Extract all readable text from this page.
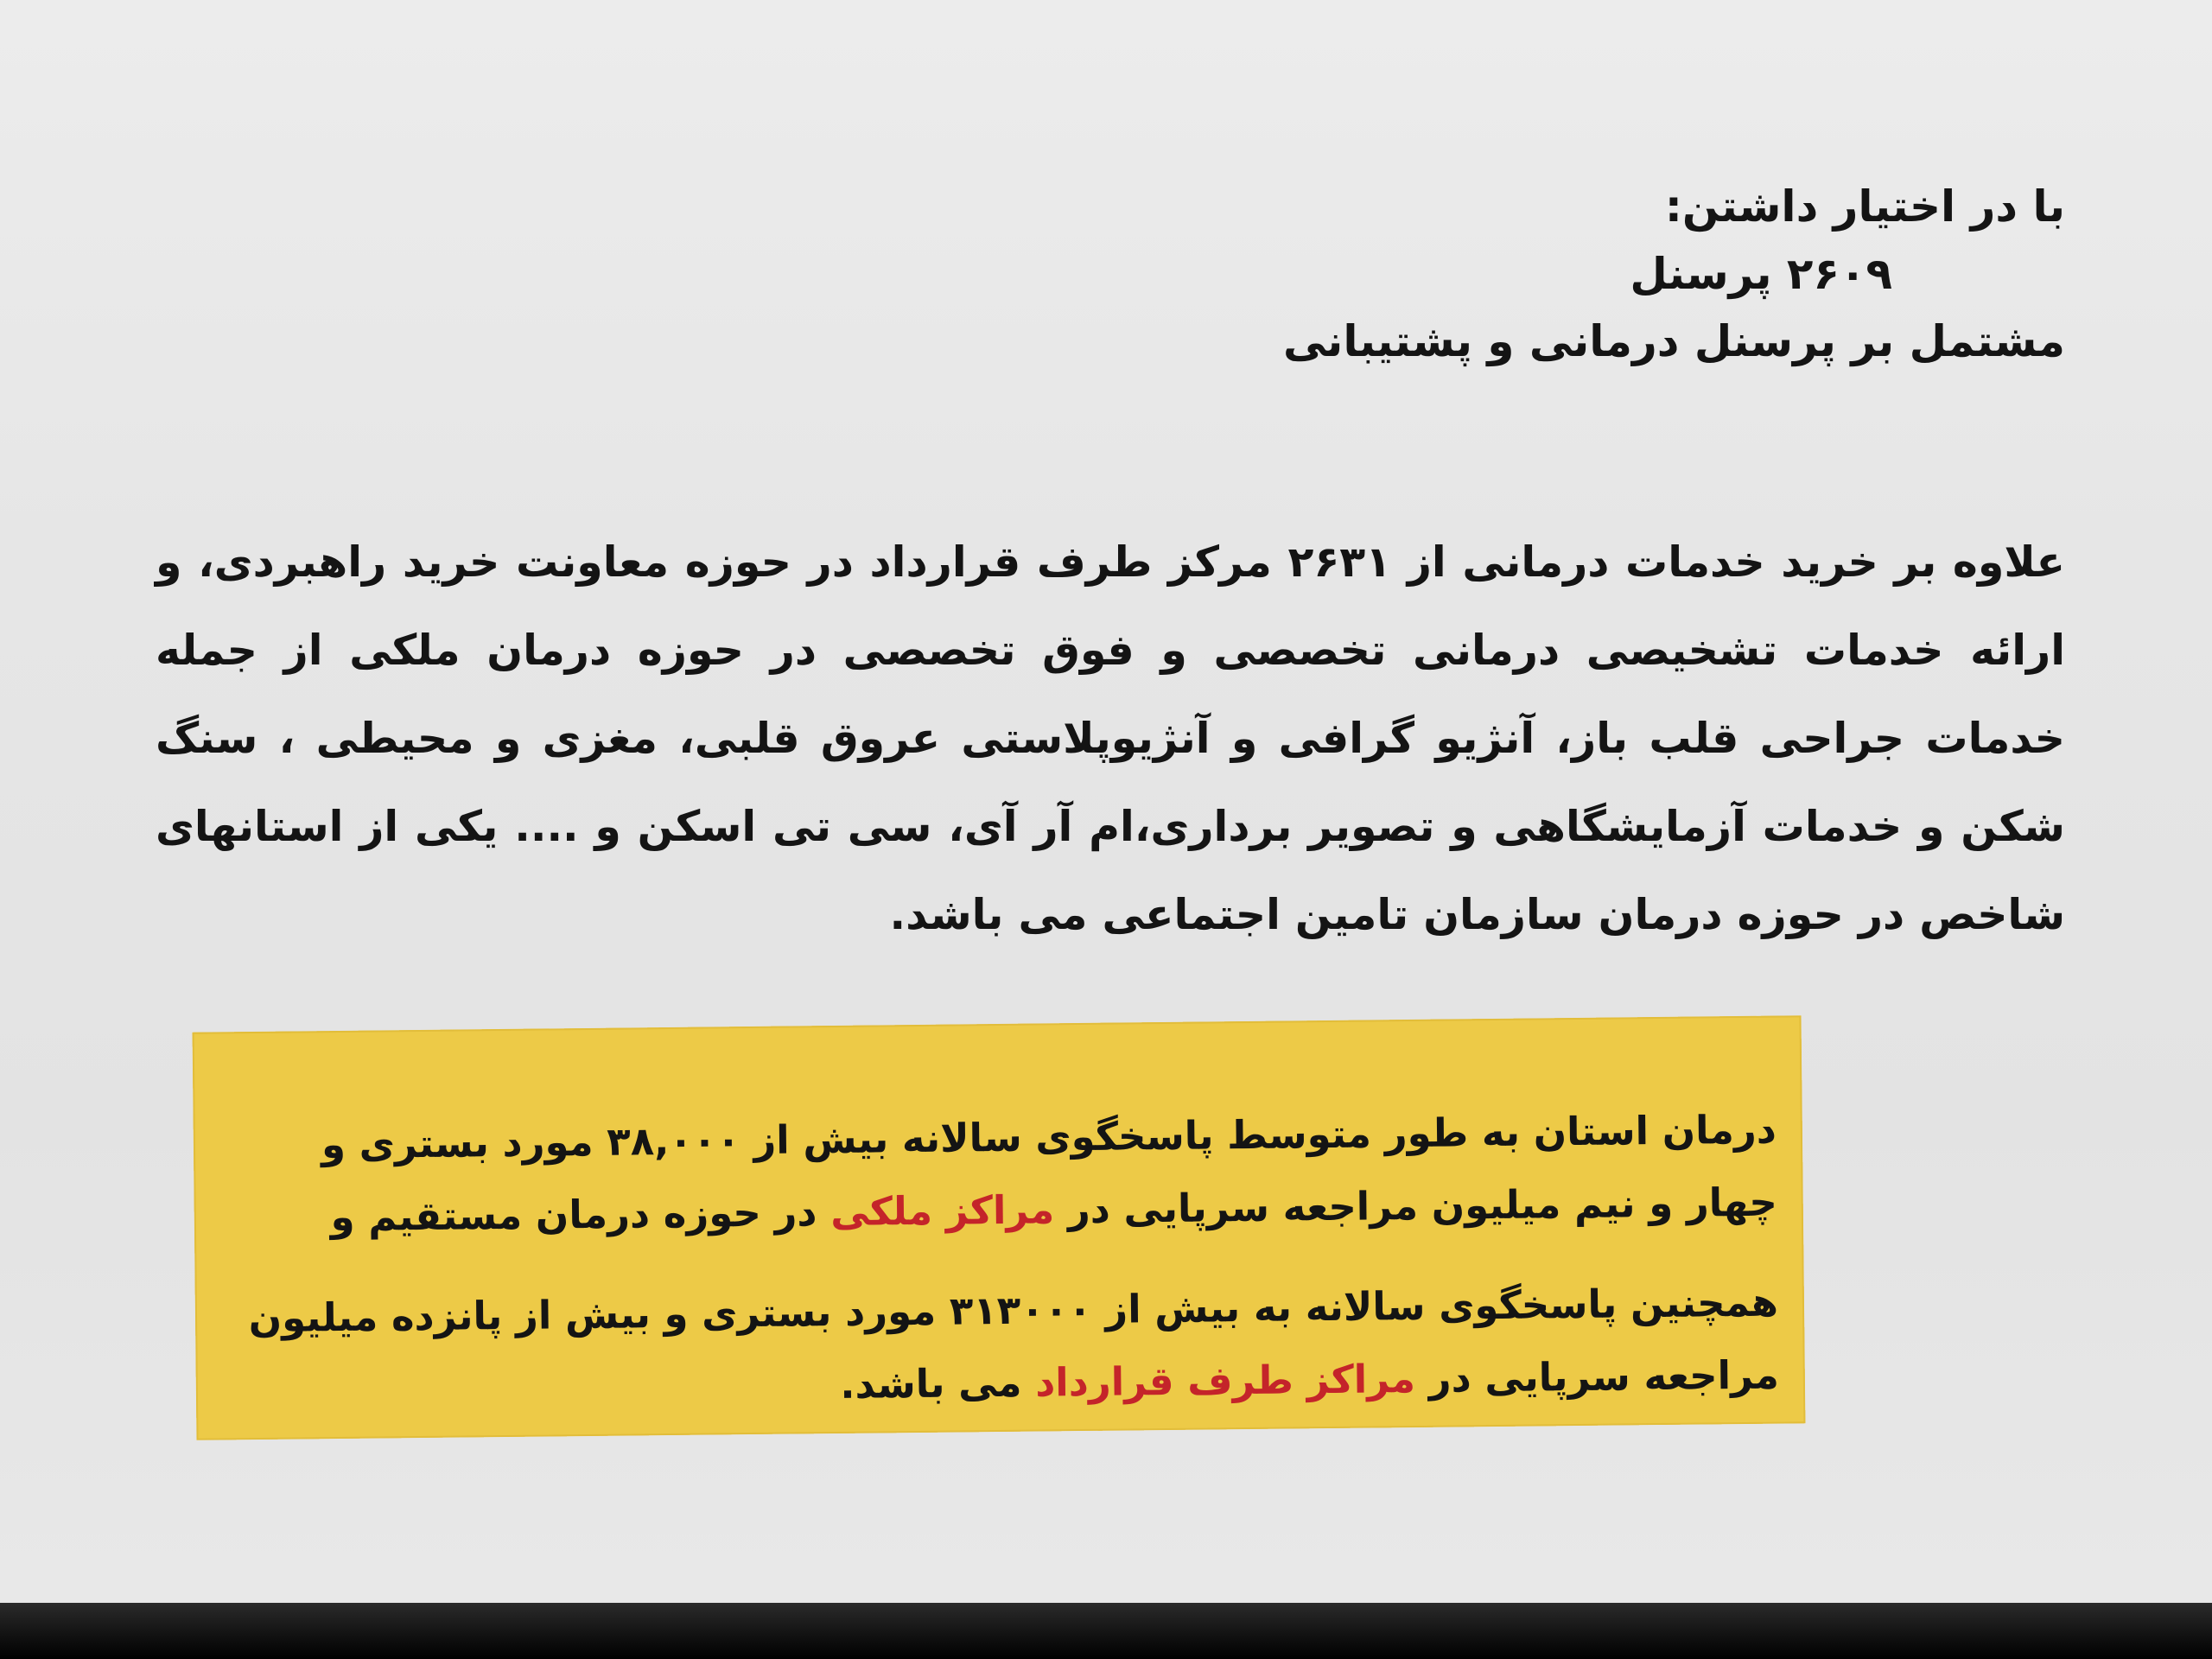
با در اختیار داشتن:
۲۶۰۹ پرسنل
مشتمل بر پرسنل درمانی و پشتیبانی
علاوه بر خرید خدمات درمانی از ۲۶۳۱ مرکز طرف قرارداد در حوزه معاونت خرید راهبردی، و ارائه خدمات تشخیصی درمانی تخصصی و فوق تخصصی در حوزه درمان ملکی از جمله خدمات جراحی قلب باز، آنژیو گرافی و آنژیوپلاستی عروق قلبی، مغزی و محیطی ، سنگ شکن و خدمات آزمایشگاهی و تصویر برداری،ام آر آی، سی تی اسکن و .... یکی از استانهای شاخص در حوزه درمان سازمان تامین اجتماعی می باشد.
درمان استان به طور متوسط پاسخگوی سالانه بیش از ۳۸,۰۰۰ مورد بستری و چهار و نیم میلیون مراجعه سرپایی در مراکز ملکی در حوزه درمان مستقیم و
همچنین پاسخگوی سالانه به بیش از ۳۱۳۰۰۰ مورد بستری و بیش از پانزده میلیون مراجعه سرپایی در مراکز طرف قرارداد می باشد.
